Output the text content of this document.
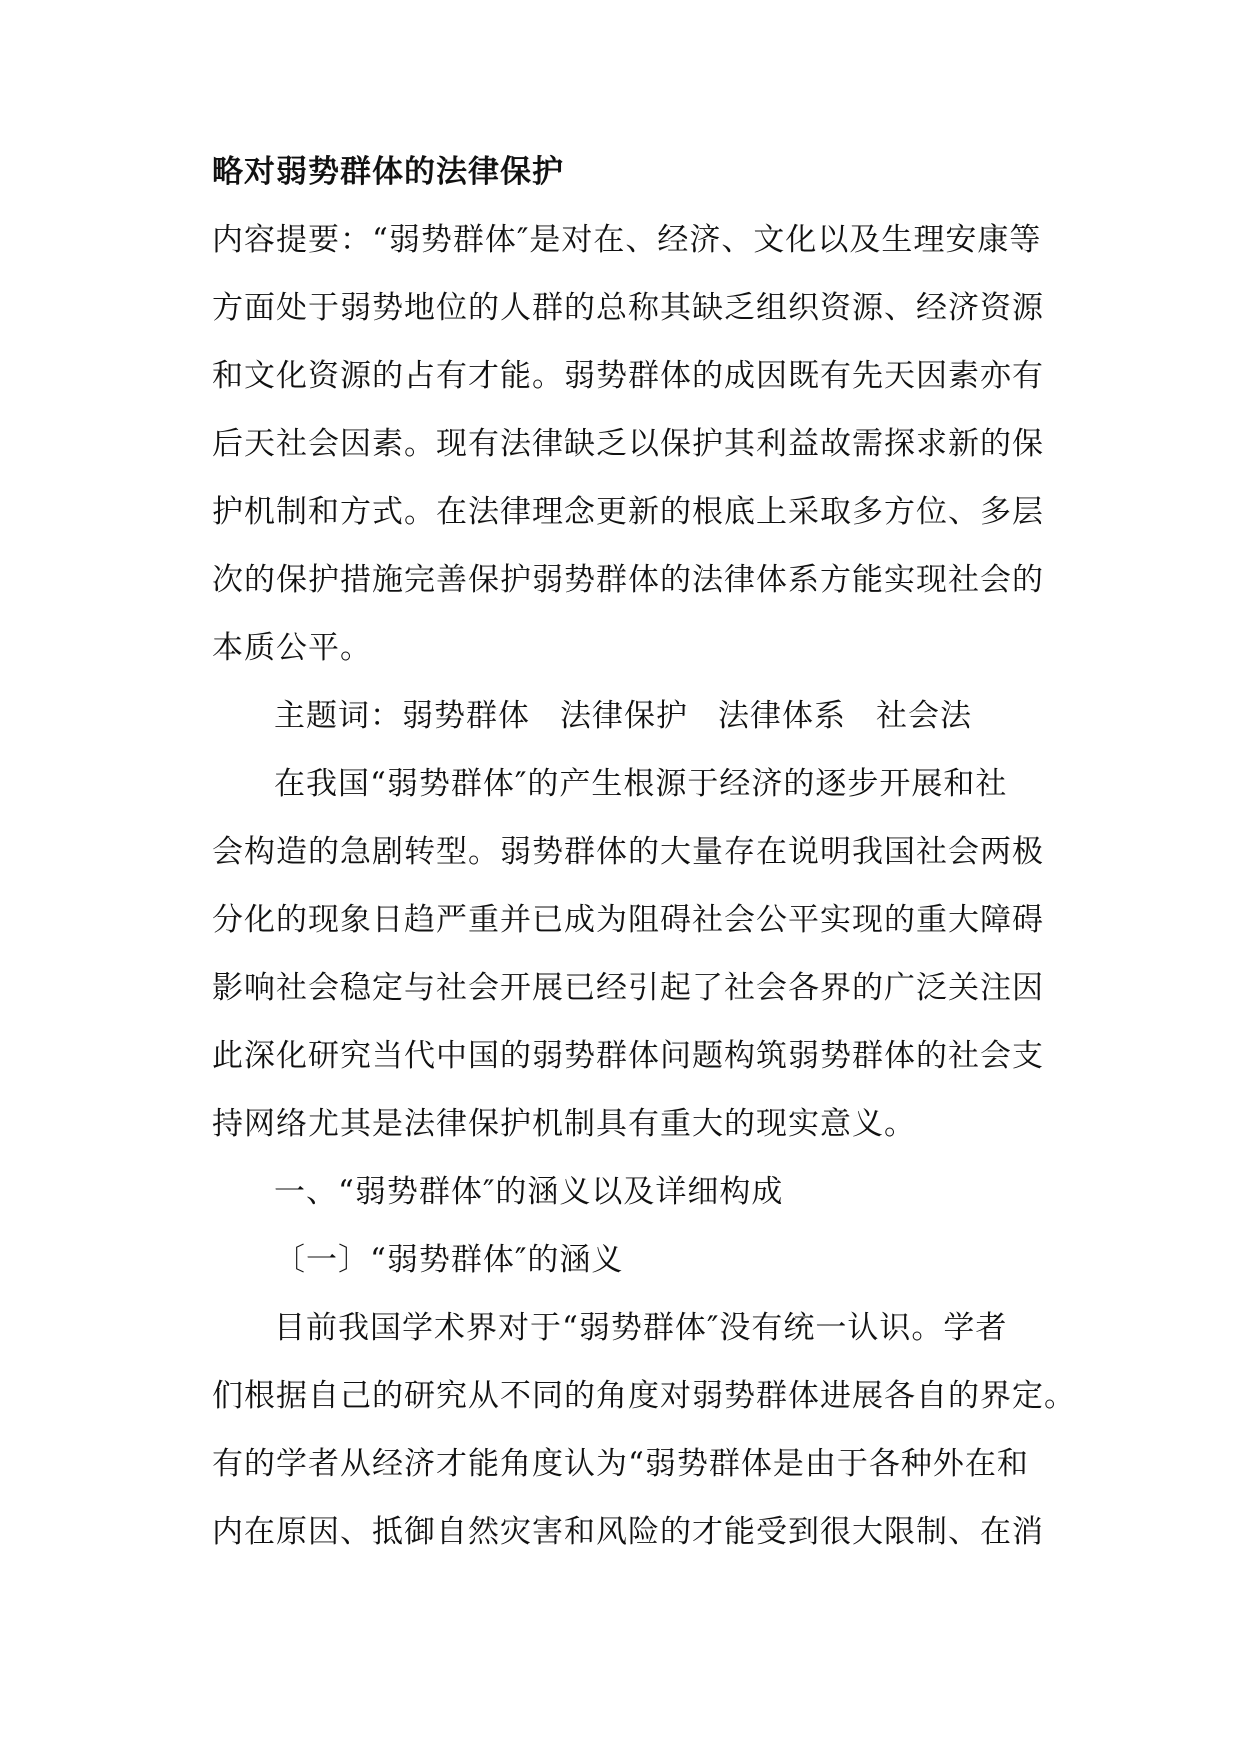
略对弱势群体的法律保护

内容提要：“弱势群体″是对在、经济、文化以及生理安康等

方面处于弱势地位的人群的总称其缺乏组织资源、经济资源

和文化资源的占有才能。弱势群体的成因既有先天因素亦有

后天社会因素。现有法律缺乏以保护其利益故需探求新的保

护机制和方式。在法律理念更新的根底上采取多方位、多层

次的保护措施完善保护弱势群体的法律体系方能实现社会的

本质公平。

主题词：弱势群体 法律保护 法律体系 社会法

在我国“弱势群体″的产生根源于经济的逐步开展和社

会构造的急剧转型。弱势群体的大量存在说明我国社会两极

分化的现象日趋严重并已成为阻碍社会公平实现的重大障碍

影响社会稳定与社会开展已经引起了社会各界的广泛关注因

此深化研究当代中国的弱势群体问题构筑弱势群体的社会支

持网络尤其是法律保护机制具有重大的现实意义。

一、“弱势群体″的涵义以及详细构成

〔一〕“弱势群体″的涵义

目前我国学术界对于“弱势群体″没有统一认识。学者

们根据自己的研究从不同的角度对弱势群体进展各自的界定。

有的学者从经济才能角度认为“弱势群体是由于各种外在和

内在原因、抵御自然灾害和风险的才能受到很大限制、在消
